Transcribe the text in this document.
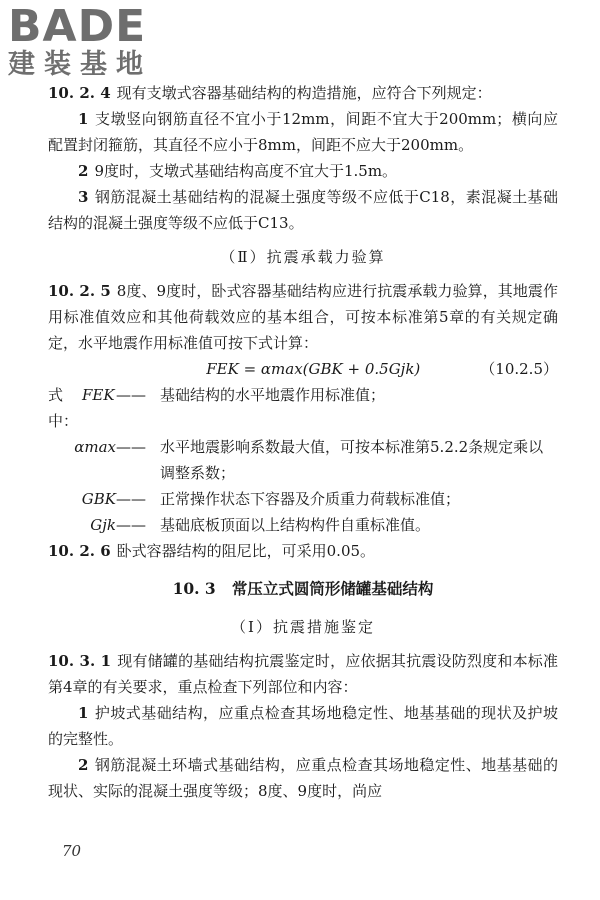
BADE
建装基地

10. 2. 4 现有支墩式容器基础结构的构造措施，应符合下列规定：

1 支墩竖向钢筋直径不宜小于12mm，间距不宜大于200mm；横向应配置封闭箍筋，其直径不应小于8mm，间距不应大于200mm。

2 9度时，支墩式基础结构高度不宜大于1.5m。

3 钢筋混凝土基础结构的混凝土强度等级不应低于C18，素混凝土基础结构的混凝土强度等级不应低于C13。

（Ⅱ）抗震承载力验算

10. 2. 5 8度、9度时，卧式容器基础结构应进行抗震承载力验算，其地震作用标准值效应和其他荷载效应的基本组合，可按本标准第5章的有关规定确定，水平地震作用标准值可按下式计算：

FEK = αmax(GBK + 0.5Gjk)	（10.2.5）
式中：
FEK —— 基础结构的水平地震作用标准值；
αmax —— 水平地震影响系数最大值，可按本标准第5.2.2条规定乘以调整系数；
GBK —— 正常操作状态下容器及介质重力荷载标准值；
Gjk —— 基础底板顶面以上结构构件自重标准值。

10. 2. 6 卧式容器结构的阻尼比，可采用0.05。

10. 3 常压立式圆筒形储罐基础结构

（Ⅰ）抗震措施鉴定

10. 3. 1 现有储罐的基础结构抗震鉴定时，应依据其抗震设防烈度和本标准第4章的有关要求，重点检查下列部位和内容：

1 护坡式基础结构，应重点检查其场地稳定性、地基基础的现状及护坡的完整性。

2 钢筋混凝土环墙式基础结构，应重点检查其场地稳定性、地基基础的现状、实际的混凝土强度等级；8度、9度时，尚应

70
